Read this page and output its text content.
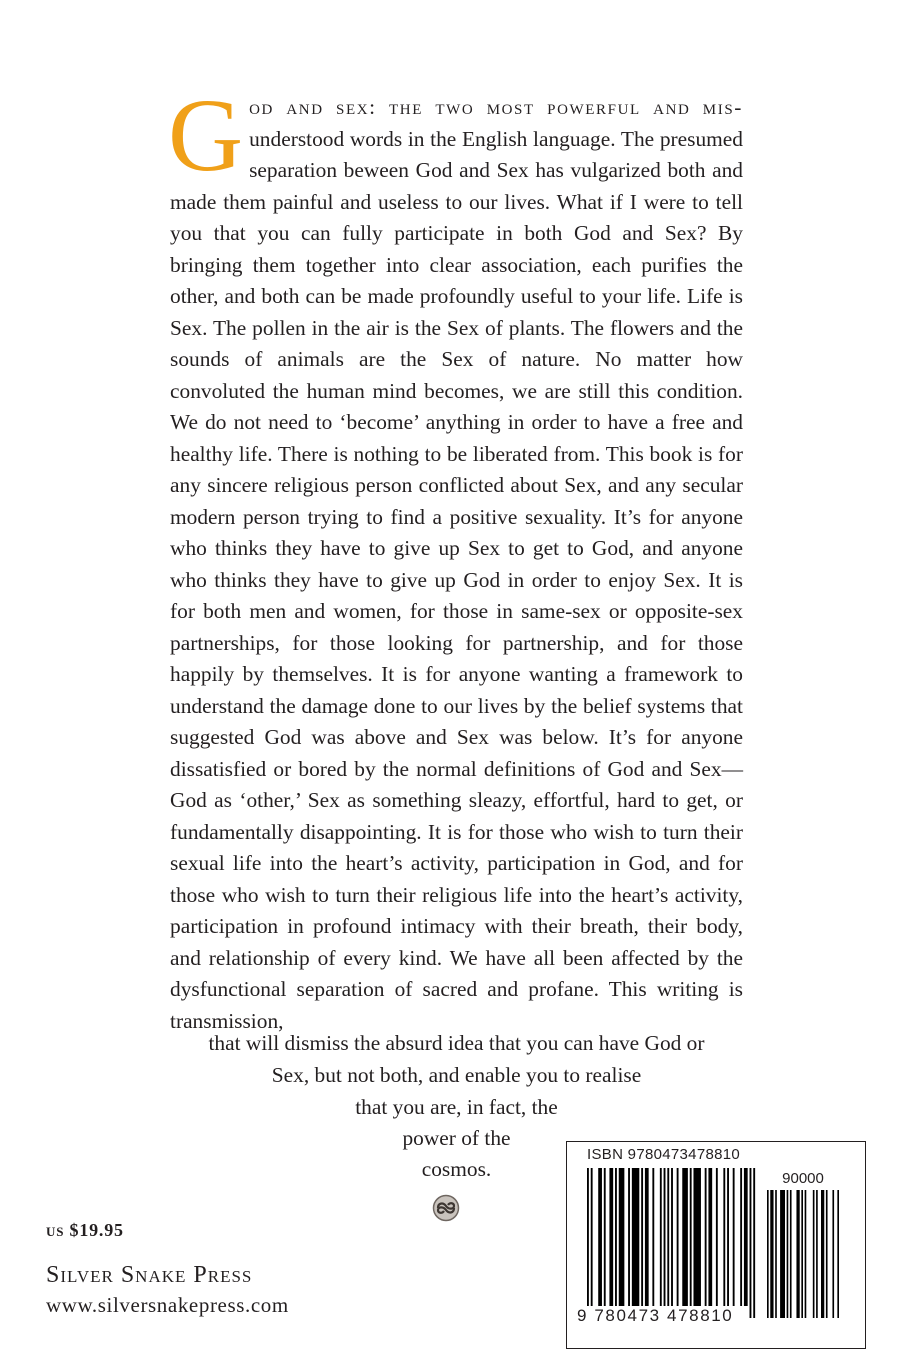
God and sex: the two most powerful and mis- understood words in the English language. The presumed separation beween God and Sex has vulgarized both and made them painful and useless to our lives. What if I were to tell you that you can fully participate in both God and Sex? By bringing them together into clear association, each purifies the other, and both can be made profoundly useful to your life. Life is Sex. The pollen in the air is the Sex of plants. The flowers and the sounds of animals are the Sex of nature. No matter how convoluted the human mind becomes, we are still this condition. We do not need to ‘become’ anything in order to have a free and healthy life. There is nothing to be liberated from. This book is for any sincere religious person conflicted about Sex, and any secular modern person trying to find a positive sexuality. It’s for anyone who thinks they have to give up Sex to get to God, and anyone who thinks they have to give up God in order to enjoy Sex. It is for both men and women, for those in same-sex or opposite-sex partnerships, for those looking for partnership, and for those happily by themselves. It is for anyone wanting a framework to understand the damage done to our lives by the belief systems that suggested God was above and Sex was below. It’s for anyone dissatisfied or bored by the normal definitions of God and Sex—God as ‘other,’ Sex as something sleazy, effortful, hard to get, or fundamentally disappointing. It is for those who wish to turn their sexual life into the heart’s activity, participation in God, and for those who wish to turn their religious life into the heart’s activity, participation in profound intimacy with their breath, their body, and relationship of every kind. We have all been affected by the dysfunctional separation of sacred and profane. This writing is transmission,
that will dismiss the absurd idea that you can have God or
Sex, but not both, and enable you to realise
that you are, in fact, the
power of the
cosmos.
us $19.95
Silver Snake Press
www.silversnakepress.com
ISBN 9780473478810
90000
9 780473 478810
